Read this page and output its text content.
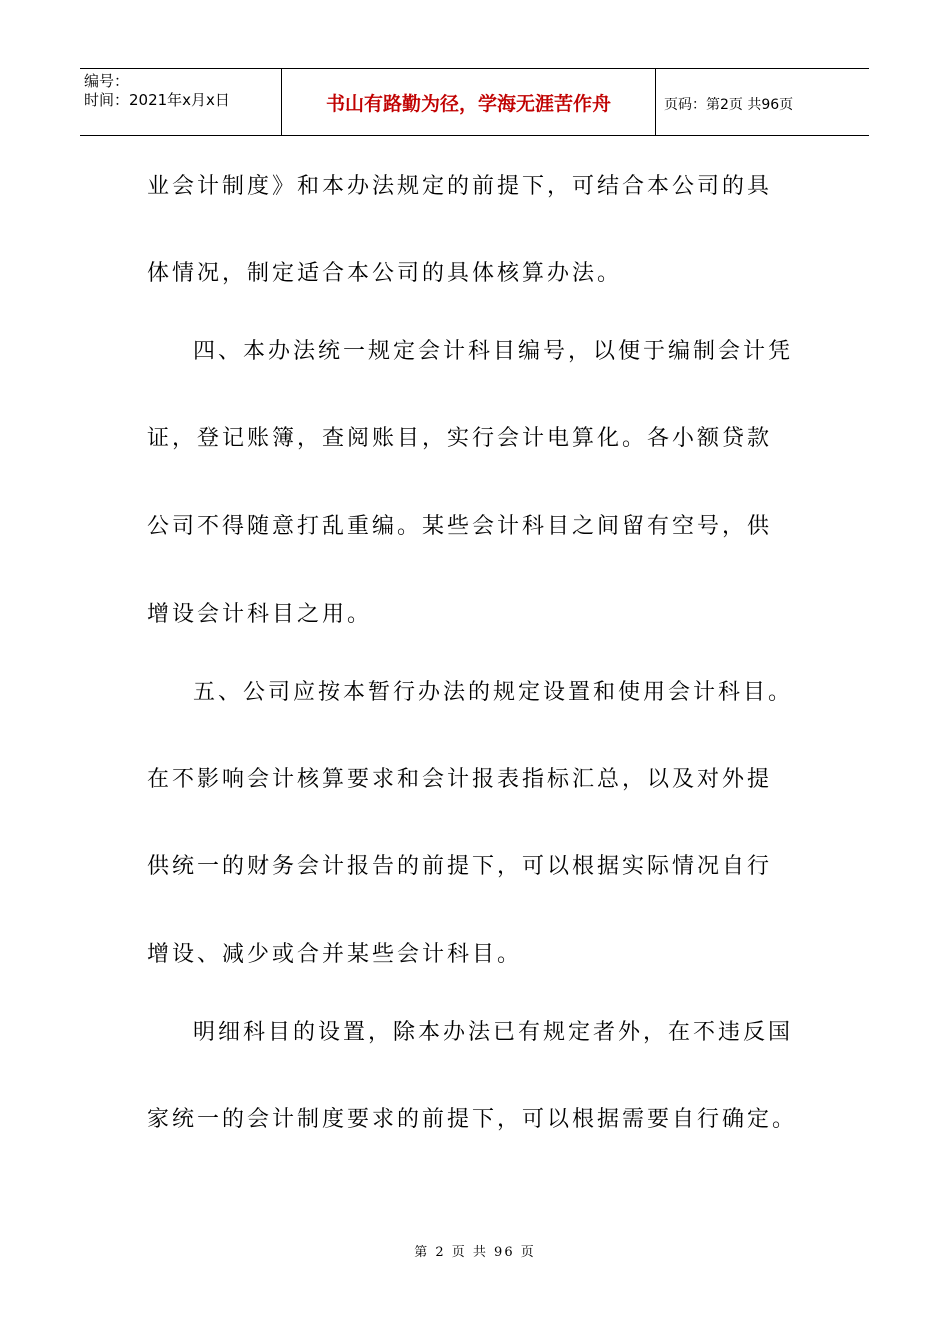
编号：
时间：2021年x月x日	书山有路勤为径，学海无涯苦作舟	页码：第2页 共96页
业会计制度》和本办法规定的前提下，可结合本公司的具
体情况，制定适合本公司的具体核算办法。
四、本办法统一规定会计科目编号，以便于编制会计凭
证，登记账簿，查阅账目，实行会计电算化。各小额贷款
公司不得随意打乱重编。某些会计科目之间留有空号，供
增设会计科目之用。
五、公司应按本暂行办法的规定设置和使用会计科目。
在不影响会计核算要求和会计报表指标汇总，以及对外提
供统一的财务会计报告的前提下，可以根据实际情况自行
增设、减少或合并某些会计科目。
明细科目的设置，除本办法已有规定者外，在不违反国
家统一的会计制度要求的前提下，可以根据需要自行确定。
第 2 页 共 96 页
